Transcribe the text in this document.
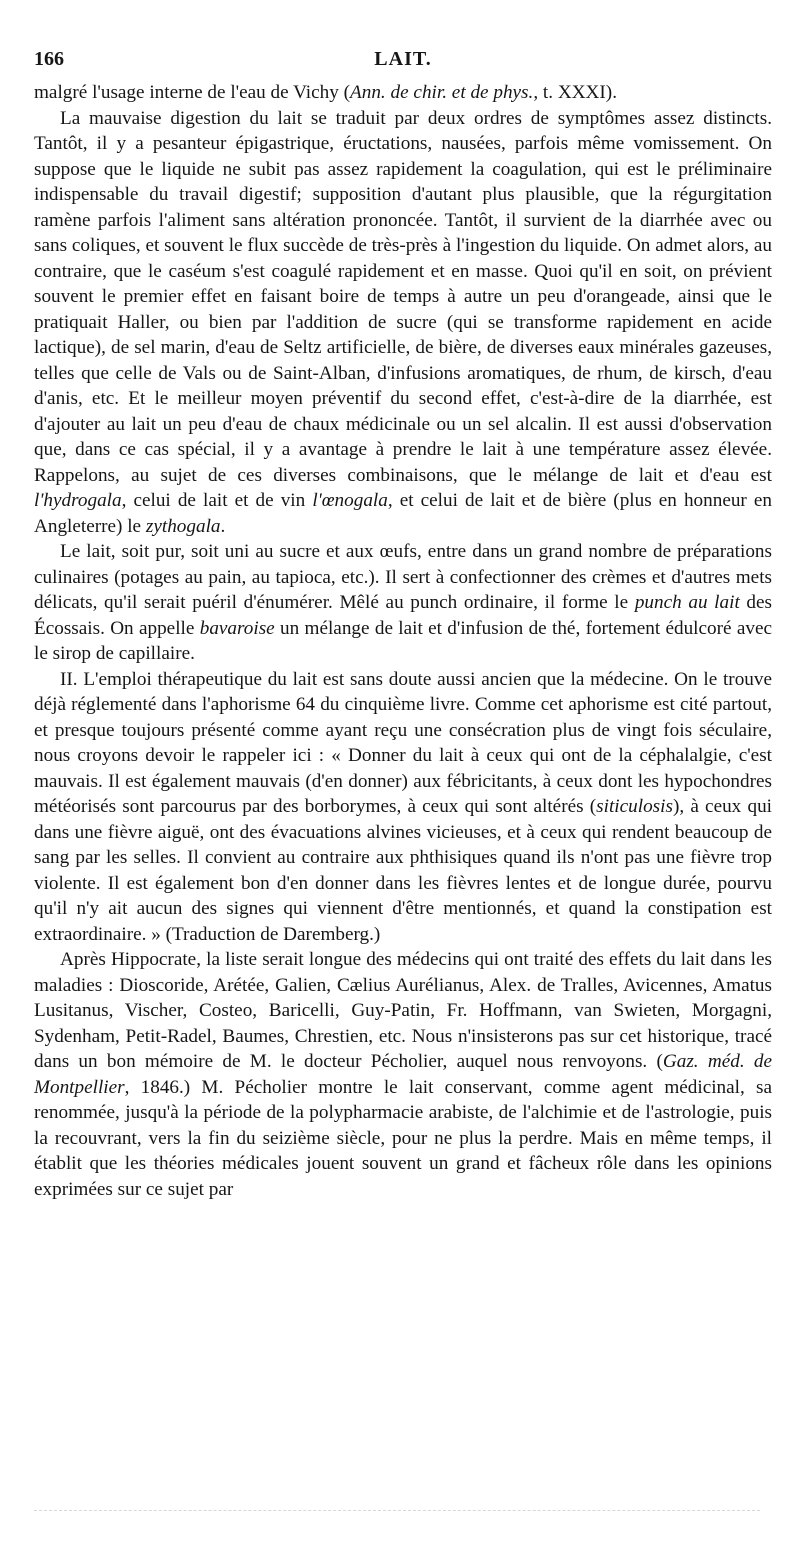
166	LAIT.

malgré l'usage interne de l'eau de Vichy (Ann. de chir. et de phys., t. XXXI).

La mauvaise digestion du lait se traduit par deux ordres de symptômes assez distincts. Tantôt, il y a pesanteur épigastrique, éructations, nausées, parfois même vomissement. On suppose que le liquide ne subit pas assez rapidement la coagulation, qui est le préliminaire indispensable du travail digestif; supposition d'autant plus plausible, que la régurgitation ramène parfois l'aliment sans altération prononcée. Tantôt, il survient de la diarrhée avec ou sans coliques, et souvent le flux succède de très-près à l'ingestion du liquide. On admet alors, au contraire, que le caséum s'est coagulé rapidement et en masse. Quoi qu'il en soit, on prévient souvent le premier effet en faisant boire de temps à autre un peu d'orangeade, ainsi que le pratiquait Haller, ou bien par l'addition de sucre (qui se transforme rapidement en acide lactique), de sel marin, d'eau de Seltz artificielle, de bière, de diverses eaux minérales gazeuses, telles que celle de Vals ou de Saint-Alban, d'infusions aromatiques, de rhum, de kirsch, d'eau d'anis, etc. Et le meilleur moyen préventif du second effet, c'est-à-dire de la diarrhée, est d'ajouter au lait un peu d'eau de chaux médicinale ou un sel alcalin. Il est aussi d'observation que, dans ce cas spécial, il y a avantage à prendre le lait à une température assez élevée. Rappelons, au sujet de ces diverses combinaisons, que le mélange de lait et d'eau est l'hydrogala, celui de lait et de vin l'œnogala, et celui de lait et de bière (plus en honneur en Angleterre) le zythogala.

Le lait, soit pur, soit uni au sucre et aux œufs, entre dans un grand nombre de préparations culinaires (potages au pain, au tapioca, etc.). Il sert à confectionner des crèmes et d'autres mets délicats, qu'il serait puéril d'énumérer. Mêlé au punch ordinaire, il forme le punch au lait des Écossais. On appelle bavaroise un mélange de lait et d'infusion de thé, fortement édulcoré avec le sirop de capillaire.

II. L'emploi thérapeutique du lait est sans doute aussi ancien que la médecine. On le trouve déjà réglementé dans l'aphorisme 64 du cinquième livre. Comme cet aphorisme est cité partout, et presque toujours présenté comme ayant reçu une consécration plus de vingt fois séculaire, nous croyons devoir le rappeler ici : « Donner du lait à ceux qui ont de la céphalalgie, c'est mauvais. Il est également mauvais (d'en donner) aux fébricitants, à ceux dont les hypochondres météorisés sont parcourus par des borborymes, à ceux qui sont altérés (siticulosis), à ceux qui dans une fièvre aiguë, ont des évacuations alvines vicieuses, et à ceux qui rendent beaucoup de sang par les selles. Il convient au contraire aux phthisiques quand ils n'ont pas une fièvre trop violente. Il est également bon d'en donner dans les fièvres lentes et de longue durée, pourvu qu'il n'y ait aucun des signes qui viennent d'être mentionnés, et quand la constipation est extraordinaire. » (Traduction de Daremberg.)

Après Hippocrate, la liste serait longue des médecins qui ont traité des effets du lait dans les maladies : Dioscoride, Arétée, Galien, Cælius Aurélianus, Alex. de Tralles, Avicennes, Amatus Lusitanus, Vischer, Costeo, Baricelli, Guy-Patin, Fr. Hoffmann, van Swieten, Morgagni, Sydenham, Petit-Radel, Baumes, Chrestien, etc. Nous n'insisterons pas sur cet historique, tracé dans un bon mémoire de M. le docteur Pécholier, auquel nous renvoyons. (Gaz. méd. de Montpellier, 1846.) M. Pécholier montre le lait conservant, comme agent médicinal, sa renommée, jusqu'à la période de la polypharmacie arabiste, de l'alchimie et de l'astrologie, puis la recouvrant, vers la fin du seizième siècle, pour ne plus la perdre. Mais en même temps, il établit que les théories médicales jouent souvent un grand et fâcheux rôle dans les opinions exprimées sur ce sujet par
